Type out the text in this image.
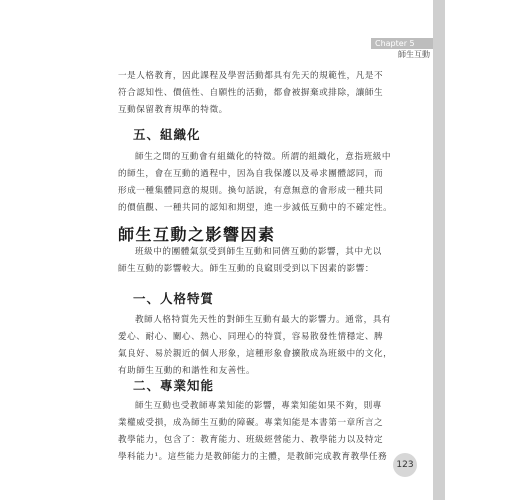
Chapter 5
師生互動
一是人格教育，因此課程及學習活動都具有先天的規範性，凡是不
符合認知性、價值性、自願性的活動，都會被摒棄或排除，讓師生
互動保留教育規準的特徵。
五、組織化
師生之間的互動會有組織化的特徵。所謂的組織化，意指班級中
的師生，會在互動的過程中，因為自我保護以及尋求團體認同，而
形成一種集體同意的規則。換句話說，有意無意的會形成一種共同
的價值觀、一種共同的認知和期望，進一步減低互動中的不確定性。
師生互動之影響因素
班級中的團體氣氛受到師生互動和同儕互動的影響，其中尤以
師生互動的影響較大。師生互動的良窳則受到以下因素的影響：
一、人格特質
教師人格特質先天性的對師生互動有最大的影響力。通常，具有
愛心、耐心、關心、熱心、同理心的特質，容易散發性情穩定、脾
氣良好、易於親近的個人形象，這種形象會擴散成為班級中的文化，
有助師生互動的和諧性和友善性。
二、專業知能
師生互動也受教師專業知能的影響，專業知能如果不夠，則專
業權威受損，成為師生互動的障礙。專業知能是本書第一章所言之
教學能力，包含了：教育能力、班級經營能力、教學能力以及特定
學科能力¹。這些能力是教師能力的主體，是教師完成教育教學任務
123
